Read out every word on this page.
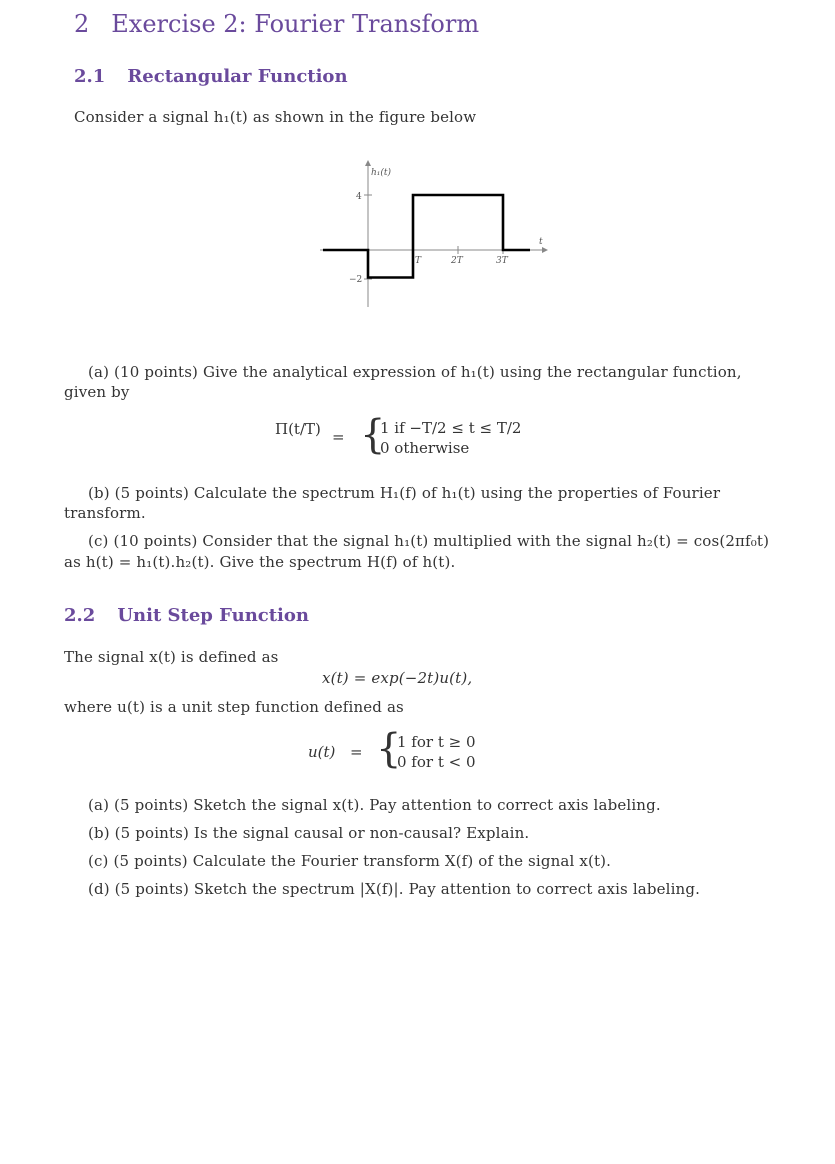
2 Exercise 2: Fourier Transform
2.1 Rectangular Function

Consider a signal h₁(t) as shown in the figure below

h₁(t)
t
4
−2
T	2T	3T

(a) (10 points) Give the analytical expression of h₁(t) using the rectangular function,

given by

Π(t/T) = {
1 if −T/2 ≤ t ≤ T/2
0 otherwise

(b) (5 points) Calculate the spectrum H₁(f) of h₁(t) using the properties of Fourier

transform.

(c) (10 points) Consider that the signal h₁(t) multiplied with the signal h₂(t) = cos(2πf₀t)

as h(t) = h₁(t).h₂(t). Give the spectrum H(f) of h(t).

2.2 Unit Step Function

The signal x(t) is defined as

x(t) = exp(−2t)u(t),

where u(t) is a unit step function defined as

u(t) = {
1 for t ≥ 0
0 for t < 0

(a) (5 points) Sketch the signal x(t). Pay attention to correct axis labeling.

(b) (5 points) Is the signal causal or non-causal? Explain.

(c) (5 points) Calculate the Fourier transform X(f) of the signal x(t).

(d) (5 points) Sketch the spectrum |X(f)|. Pay attention to correct axis labeling.
